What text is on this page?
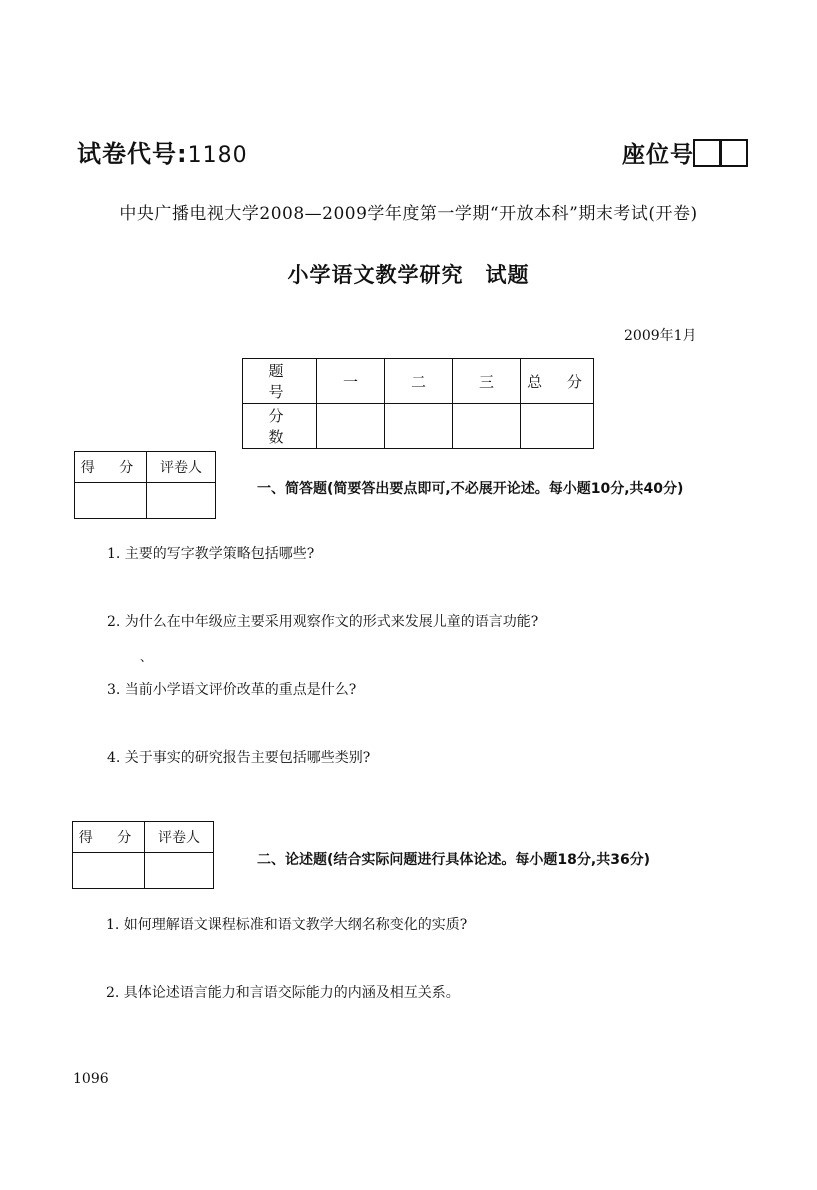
试卷代号:1180	座位号
中央广播电视大学2008—2009学年度第一学期“开放本科”期末考试(开卷)
小学语文教学研究 试题
2009年1月
题 号	一	二	三	总 分
分 数				
得 分	评卷人

一、简答题(简要答出要点即可,不必展开论述。每小题10分,共40分)
1. 主要的写字教学策略包括哪些?
2. 为什么在中年级应主要采用观察作文的形式来发展儿童的语言功能?
、
3. 当前小学语文评价改革的重点是什么?
4. 关于事实的研究报告主要包括哪些类别?
得 分	评卷人

二、论述题(结合实际问题进行具体论述。每小题18分,共36分)
1. 如何理解语文课程标准和语文教学大纲名称变化的实质?
2. 具体论述语言能力和言语交际能力的内涵及相互关系。
1096
